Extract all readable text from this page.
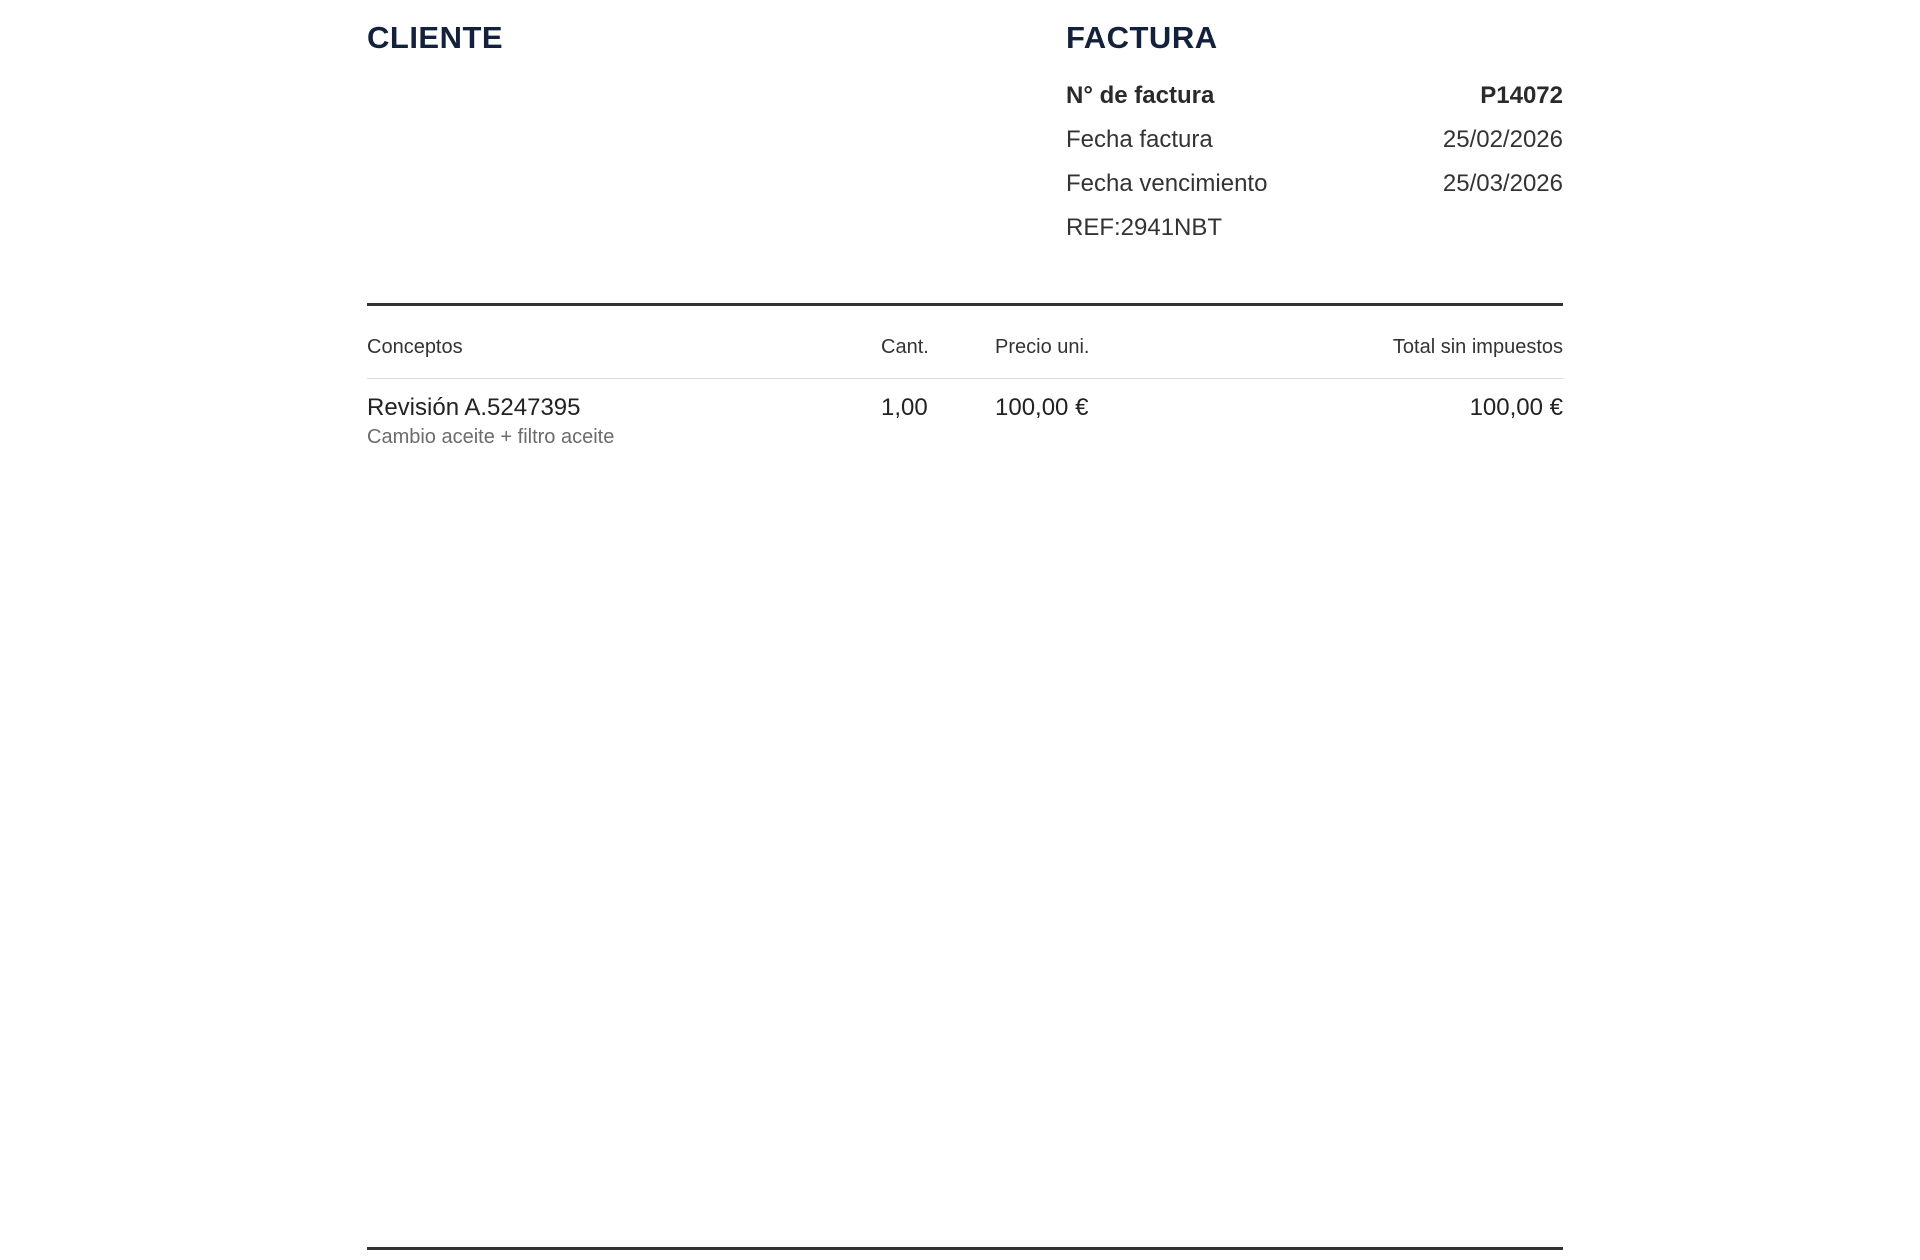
CLIENTE	FACTURA
N° de factura	P14072
Fecha factura	25/02/2026
Fecha vencimiento	25/03/2026
REF:2941NBT
Conceptos	Cant.	Precio uni.	Total sin impuestos
Revisión A.5247395	1,00	100,00 €	100,00 €
Cambio aceite + filtro aceite
